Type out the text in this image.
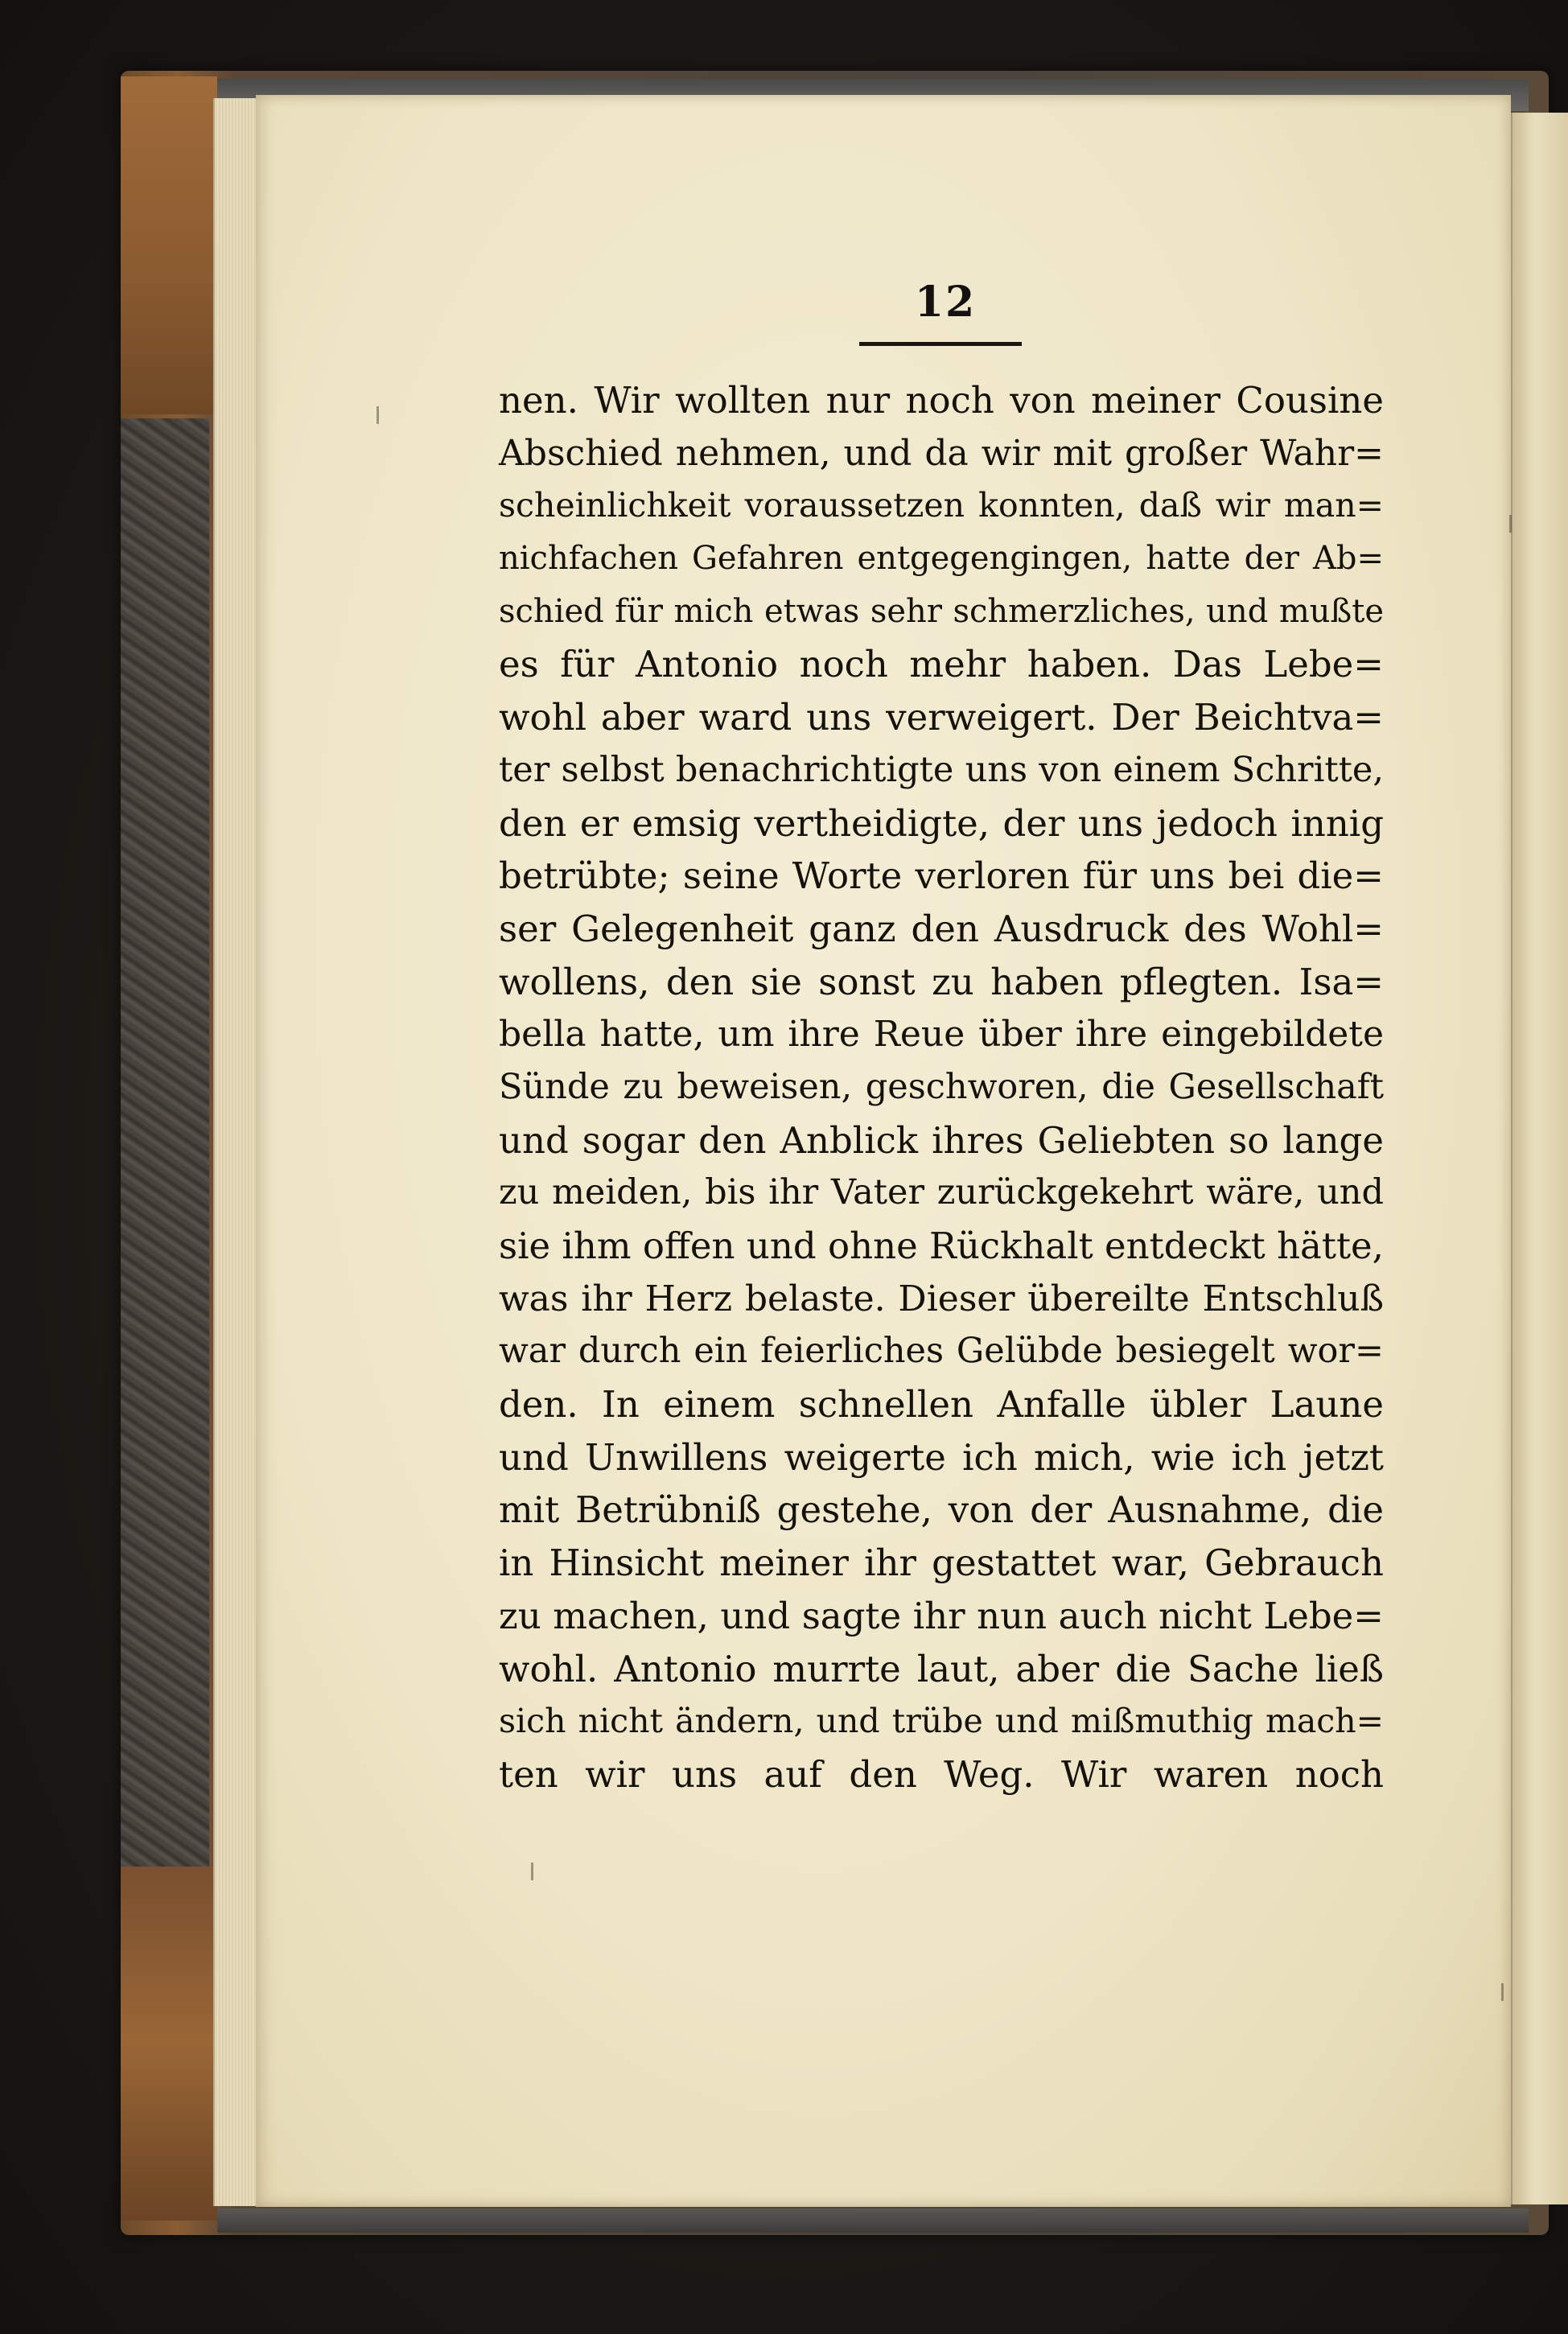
12
nen. Wir wollten nur noch von meiner Cousine
Abschied nehmen, und da wir mit großer Wahr=
scheinlichkeit voraussetzen konnten, daß wir man=
nichfachen Gefahren entgegengingen, hatte der Ab=
schied für mich etwas sehr schmerzliches, und mußte
es für Antonio noch mehr haben. Das Lebe=
wohl aber ward uns verweigert. Der Beichtva=
ter selbst benachrichtigte uns von einem Schritte,
den er emsig vertheidigte, der uns jedoch innig
betrübte; seine Worte verloren für uns bei die=
ser Gelegenheit ganz den Ausdruck des Wohl=
wollens, den sie sonst zu haben pflegten. Isa=
bella hatte, um ihre Reue über ihre eingebildete
Sünde zu beweisen, geschworen, die Gesellschaft
und sogar den Anblick ihres Geliebten so lange
zu meiden, bis ihr Vater zurückgekehrt wäre, und
sie ihm offen und ohne Rückhalt entdeckt hätte,
was ihr Herz belaste. Dieser übereilte Entschluß
war durch ein feierliches Gelübde besiegelt wor=
den. In einem schnellen Anfalle übler Laune
und Unwillens weigerte ich mich, wie ich jetzt
mit Betrübniß gestehe, von der Ausnahme, die
in Hinsicht meiner ihr gestattet war, Gebrauch
zu machen, und sagte ihr nun auch nicht Lebe=
wohl. Antonio murrte laut, aber die Sache ließ
sich nicht ändern, und trübe und mißmuthig mach=
ten wir uns auf den Weg. Wir waren noch
